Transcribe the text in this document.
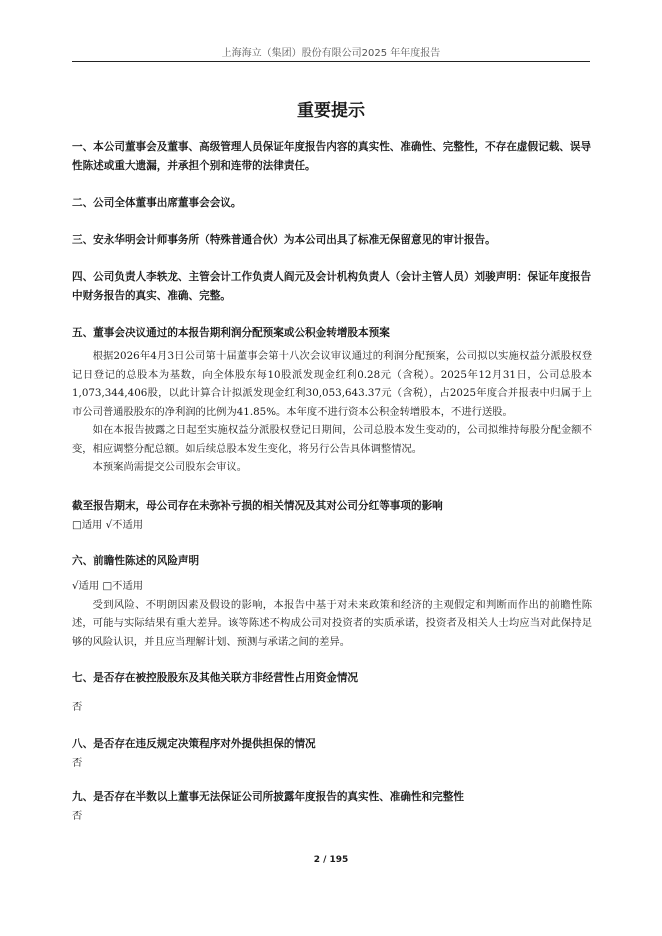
上海海立（集团）股份有限公司2025 年年度报告
重要提示

一、本公司董事会及董事、高级管理人员保证年度报告内容的真实性、准确性、完整性，不存在虚假记载、误导性陈述或重大遗漏，并承担个别和连带的法律责任。

二、公司全体董事出席董事会会议。

三、安永华明会计师事务所（特殊普通合伙）为本公司出具了标准无保留意见的审计报告。

四、公司负责人李轶龙、主管会计工作负责人阎元及会计机构负责人（会计主管人员）刘骏声明：保证年度报告中财务报告的真实、准确、完整。

五、董事会决议通过的本报告期利润分配预案或公积金转增股本预案

根据2026年4月3日公司第十届董事会第十八次会议审议通过的利润分配预案，公司拟以实施权益分派股权登记日登记的总股本为基数，向全体股东每10股派发现金红利0.28元（含税）。2025年12月31日，公司总股本1,073,344,406股，以此计算合计拟派发现金红利30,053,643.37元（含税），占2025年度合并报表中归属于上市公司普通股股东的净利润的比例为41.85%。本年度不进行资本公积金转增股本，不进行送股。

如在本报告披露之日起至实施权益分派股权登记日期间，公司总股本发生变动的，公司拟维持每股分配金额不变，相应调整分配总额。如后续总股本发生变化，将另行公告具体调整情况。

本预案尚需提交公司股东会审议。

截至报告期末，母公司存在未弥补亏损的相关情况及其对公司分红等事项的影响

□适用 √不适用

六、前瞻性陈述的风险声明

√适用 □不适用

受到风险、不明朗因素及假设的影响，本报告中基于对未来政策和经济的主观假定和判断而作出的前瞻性陈述，可能与实际结果有重大差异。该等陈述不构成公司对投资者的实质承诺，投资者及相关人士均应当对此保持足够的风险认识，并且应当理解计划、预测与承诺之间的差异。

七、是否存在被控股股东及其他关联方非经营性占用资金情况

否

八、是否存在违反规定决策程序对外提供担保的情况

否

九、是否存在半数以上董事无法保证公司所披露年度报告的真实性、准确性和完整性

否

2 / 195
